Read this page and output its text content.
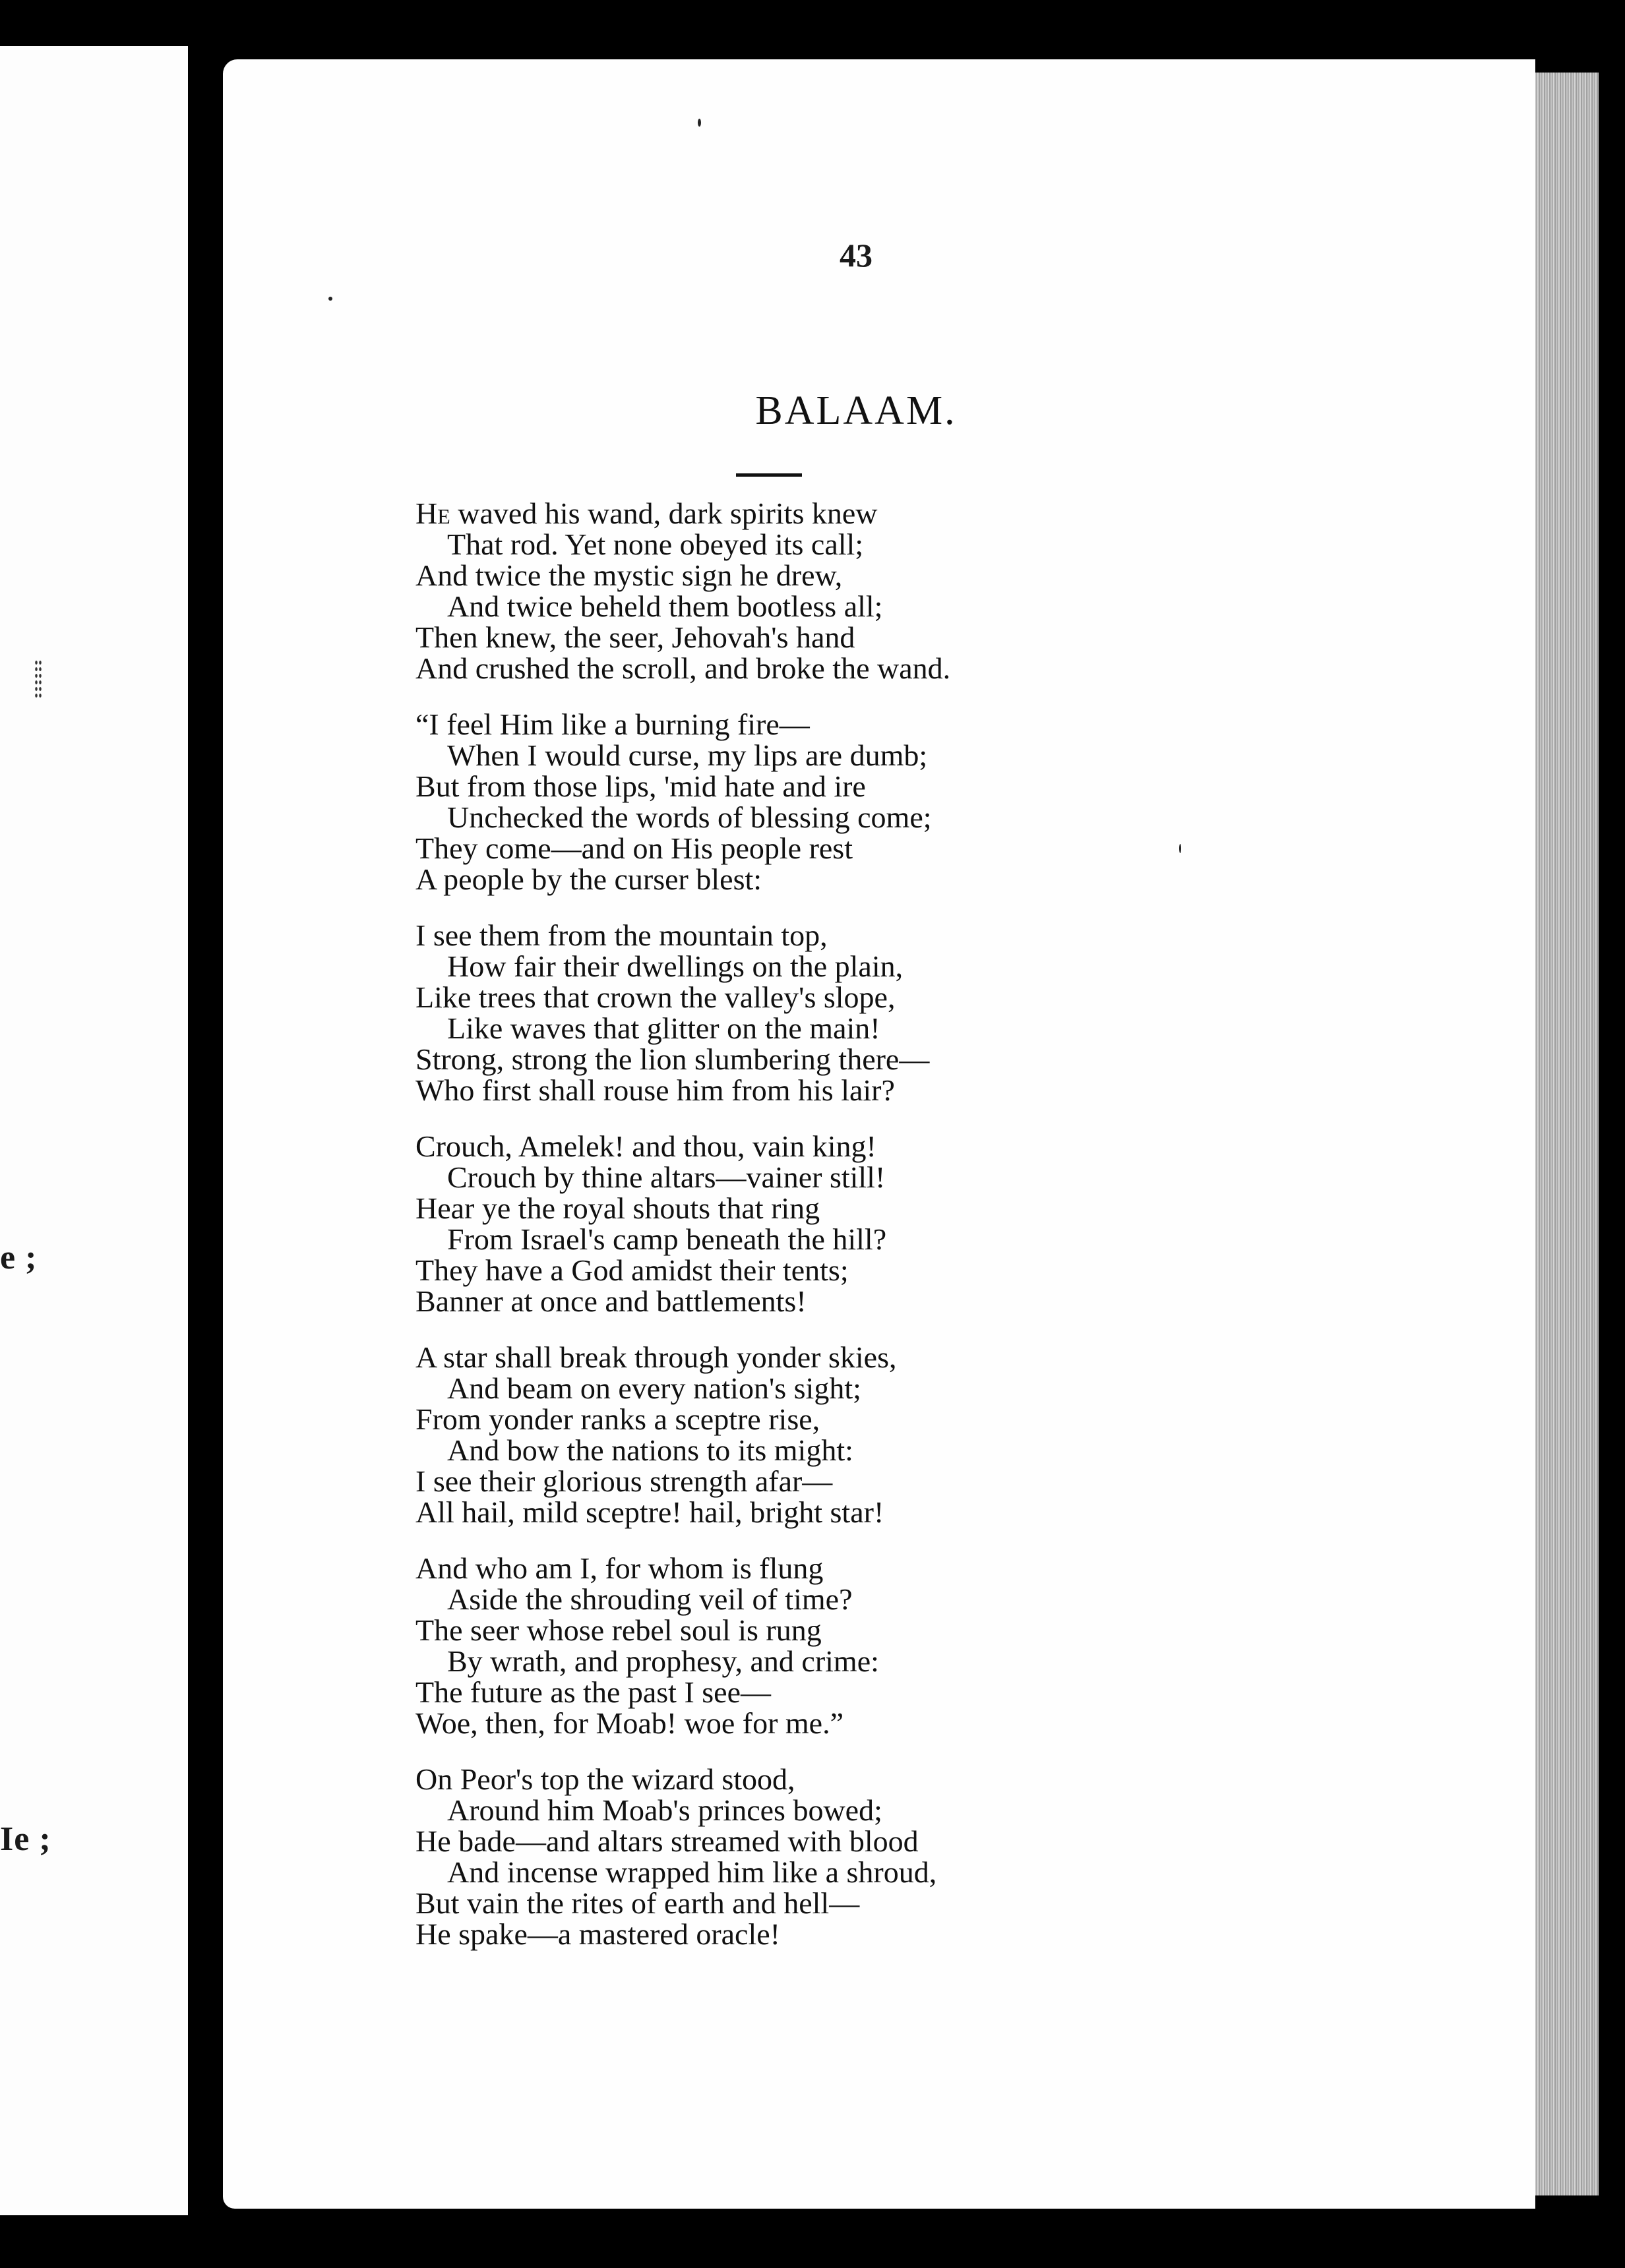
e ;
Ie ;
43
BALAAM.
He waved his wand, dark spirits knew
That rod. Yet none obeyed its call;
And twice the mystic sign he drew,
And twice beheld them bootless all;
Then knew, the seer, Jehovah's hand
And crushed the scroll, and broke the wand.
“I feel Him like a burning fire—
When I would curse, my lips are dumb;
But from those lips, 'mid hate and ire
Unchecked the words of blessing come;
They come—and on His people rest
A people by the curser blest:
I see them from the mountain top,
How fair their dwellings on the plain,
Like trees that crown the valley's slope,
Like waves that glitter on the main!
Strong, strong the lion slumbering there—
Who first shall rouse him from his lair?
Crouch, Amelek! and thou, vain king!
Crouch by thine altars—vainer still!
Hear ye the royal shouts that ring
From Israel's camp beneath the hill?
They have a God amidst their tents;
Banner at once and battlements!
A star shall break through yonder skies,
And beam on every nation's sight;
From yonder ranks a sceptre rise,
And bow the nations to its might:
I see their glorious strength afar—
All hail, mild sceptre! hail, bright star!
And who am I, for whom is flung
Aside the shrouding veil of time?
The seer whose rebel soul is rung
By wrath, and prophesy, and crime:
The future as the past I see—
Woe, then, for Moab! woe for me.”
On Peor's top the wizard stood,
Around him Moab's princes bowed;
He bade—and altars streamed with blood
And incense wrapped him like a shroud,
But vain the rites of earth and hell—
He spake—a mastered oracle!
